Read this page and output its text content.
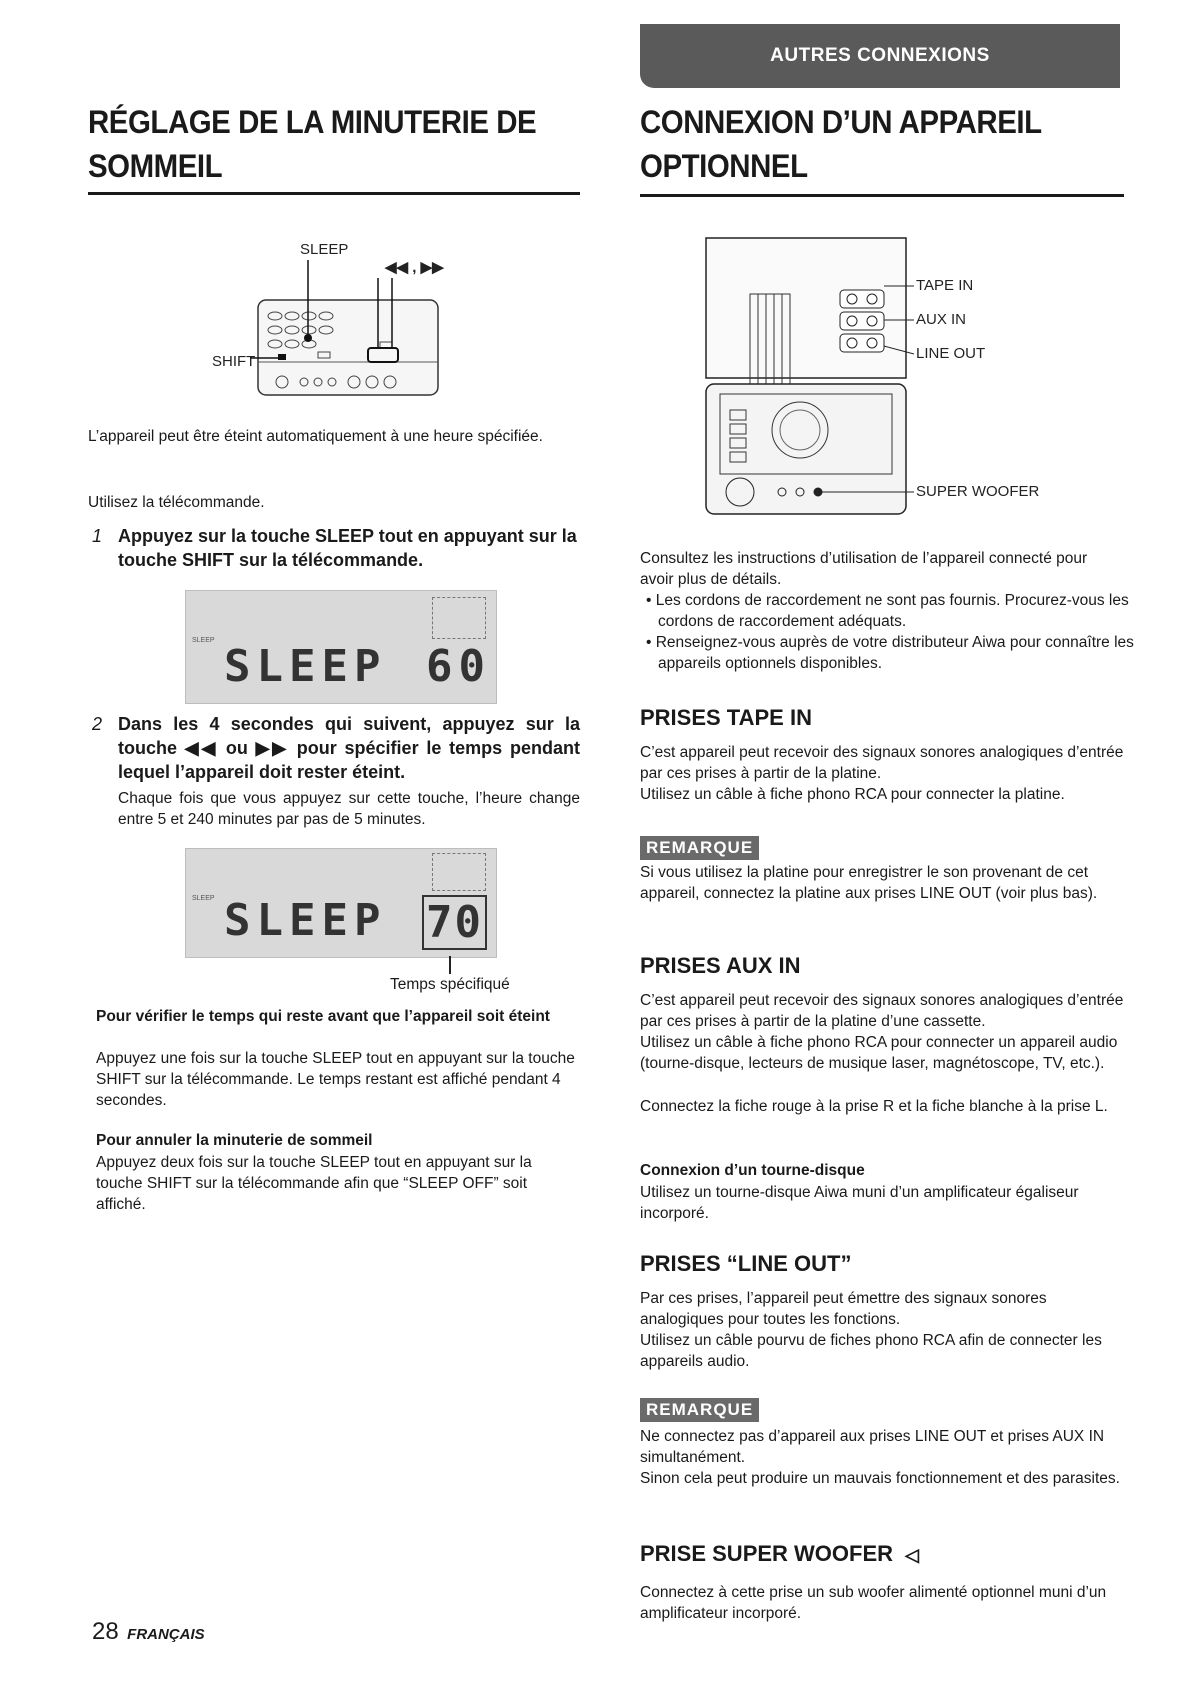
AUTRES CONNEXIONS
RÉGLAGE DE LA MINUTERIE DE
SOMMEIL
SLEEP
◀◀ , ▶▶
SHIFT
L’appareil peut être éteint automatiquement à une heure spécifiée.
Utilisez la télécommande.
1 Appuyez sur la touche SLEEP tout en appuyant sur la touche SHIFT sur la télécommande.
SLEEP
SLEEP 60
2 Dans les 4 secondes qui suivent, appuyez sur la touche ◀◀ ou ▶▶ pour spécifier le temps pendant lequel l’appareil doit rester éteint.
Chaque fois que vous appuyez sur cette touche, l’heure change entre 5 et 240 minutes par pas de 5 minutes.
SLEEP SLEEP 70
Temps spécifiqué
Pour vérifier le temps qui reste avant que l’appareil soit éteint
Appuyez une fois sur la touche SLEEP tout en appuyant sur la touche SHIFT sur la télécommande. Le temps restant est affiché pendant 4 secondes.
Pour annuler la minuterie de sommeil
Appuyez deux fois sur la touche SLEEP tout en appuyant sur la touche SHIFT sur la télécommande afin que “SLEEP OFF” soit affiché.
28 FRANÇAIS
CONNEXION D’UN APPAREIL
OPTIONNEL
TAPE IN
AUX IN
LINE OUT
SUPER WOOFER
Consultez les instructions d’utilisation de l’appareil connecté pour avoir plus de détails.
• Les cordons de raccordement ne sont pas fournis. Procurez-vous les cordons de raccordement adéquats.
• Renseignez-vous auprès de votre distributeur Aiwa pour connaître les appareils optionnels disponibles.
PRISES TAPE IN
C’est appareil peut recevoir des signaux sonores analogiques d’entrée par ces prises à partir de la platine.
Utilisez un câble à fiche phono RCA pour connecter la platine.
REMARQUE
Si vous utilisez la platine pour enregistrer le son provenant de cet appareil, connectez la platine aux prises LINE OUT (voir plus bas).
PRISES AUX IN
C’est appareil peut recevoir des signaux sonores analogiques d’entrée par ces prises à partir de la platine d’une cassette.
Utilisez un câble à fiche phono RCA pour connecter un appareil audio (tourne-disque, lecteurs de musique laser, magnétoscope, TV, etc.).
Connectez la fiche rouge à la prise R et la fiche blanche à la prise L.
Connexion d’un tourne-disque
Utilisez un tourne-disque Aiwa muni d’un amplificateur égaliseur incorporé.
PRISES “LINE OUT”
Par ces prises, l’appareil peut émettre des signaux sonores analogiques pour toutes les fonctions.
Utilisez un câble pourvu de fiches phono RCA afin de connecter les appareils audio.
REMARQUE
Ne connectez pas d’appareil aux prises LINE OUT et prises AUX IN simultanément.
Sinon cela peut produire un mauvais fonctionnement et des parasites.
PRISE SUPER WOOFER ◁
Connectez à cette prise un sub woofer alimenté optionnel muni d’un amplificateur incorporé.
